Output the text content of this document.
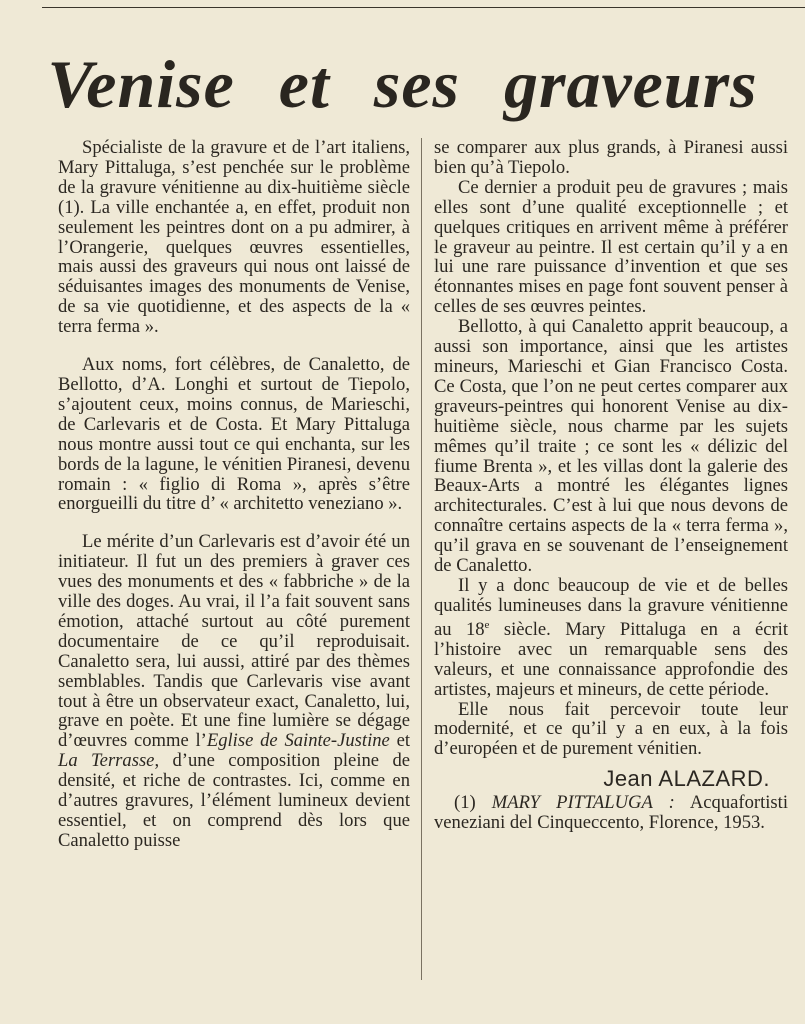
Venise et ses graveurs

Spécialiste de la gravure et de l’art italiens, Mary Pittaluga, s’est penchée sur le problème de la gravure vénitienne au dix-huitième siècle (1). La ville enchantée a, en effet, produit non seulement les peintres dont on a pu admirer, à l’Orangerie, quelques œuvres essentielles, mais aussi des graveurs qui nous ont laissé de séduisantes images des monuments de Venise, de sa vie quotidienne, et des aspects de la « terra ferma ».

Aux noms, fort célèbres, de Canaletto, de Bellotto, d’A. Longhi et surtout de Tiepolo, s’ajoutent ceux, moins connus, de Marieschi, de Carlevaris et de Costa. Et Mary Pittaluga nous montre aussi tout ce qui enchanta, sur les bords de la lagune, le vénitien Piranesi, devenu romain : « figlio di Roma », après s’être enorgueilli du titre d’ « architetto veneziano ».

Le mérite d’un Carlevaris est d’avoir été un initiateur. Il fut un des premiers à graver ces vues des monuments et des « fabbriche » de la ville des doges. Au vrai, il l’a fait souvent sans émotion, attaché surtout au côté purement documentaire de ce qu’il reproduisait. Canaletto sera, lui aussi, attiré par des thèmes semblables. Tandis que Carlevaris vise avant tout à être un observateur exact, Canaletto, lui, grave en poète. Et une fine lumière se dégage d’œuvres comme l’Eglise de Sainte-Justine et La Terrasse, d’une composition pleine de densité, et riche de contrastes. Ici, comme en d’autres gravures, l’élément lumineux devient essentiel, et on comprend dès lors que Canaletto puisse

se comparer aux plus grands, à Piranesi aussi bien qu’à Tiepolo.

Ce dernier a produit peu de gravures ; mais elles sont d’une qualité exceptionnelle ; et quelques critiques en arrivent même à préférer le graveur au peintre. Il est certain qu’il y a en lui une rare puissance d’invention et que ses étonnantes mises en page font souvent penser à celles de ses œuvres peintes.

Bellotto, à qui Canaletto apprit beaucoup, a aussi son importance, ainsi que les artistes mineurs, Marieschi et Gian Francisco Costa. Ce Costa, que l’on ne peut certes comparer aux graveurs-peintres qui honorent Venise au dix-huitième siècle, nous charme par les sujets mêmes qu’il traite ; ce sont les « délizic del fiume Brenta », et les villas dont la galerie des Beaux-Arts a montré les élégantes lignes architecturales. C’est à lui que nous devons de connaître certains aspects de la « terra ferma », qu’il grava en se souvenant de l’enseignement de Canaletto.

Il y a donc beaucoup de vie et de belles qualités lumineuses dans la gravure vénitienne au 18e siècle. Mary Pittaluga en a écrit l’histoire avec un remarquable sens des valeurs, et une connaissance approfondie des artistes, majeurs et mineurs, de cette période.

Elle nous fait percevoir toute leur modernité, et ce qu’il y a en eux, à la fois d’européen et de purement vénitien.

Jean ALAZARD.

(1) MARY PITTALUGA : Acquafortisti veneziani del Cinqueccento, Florence, 1953.
